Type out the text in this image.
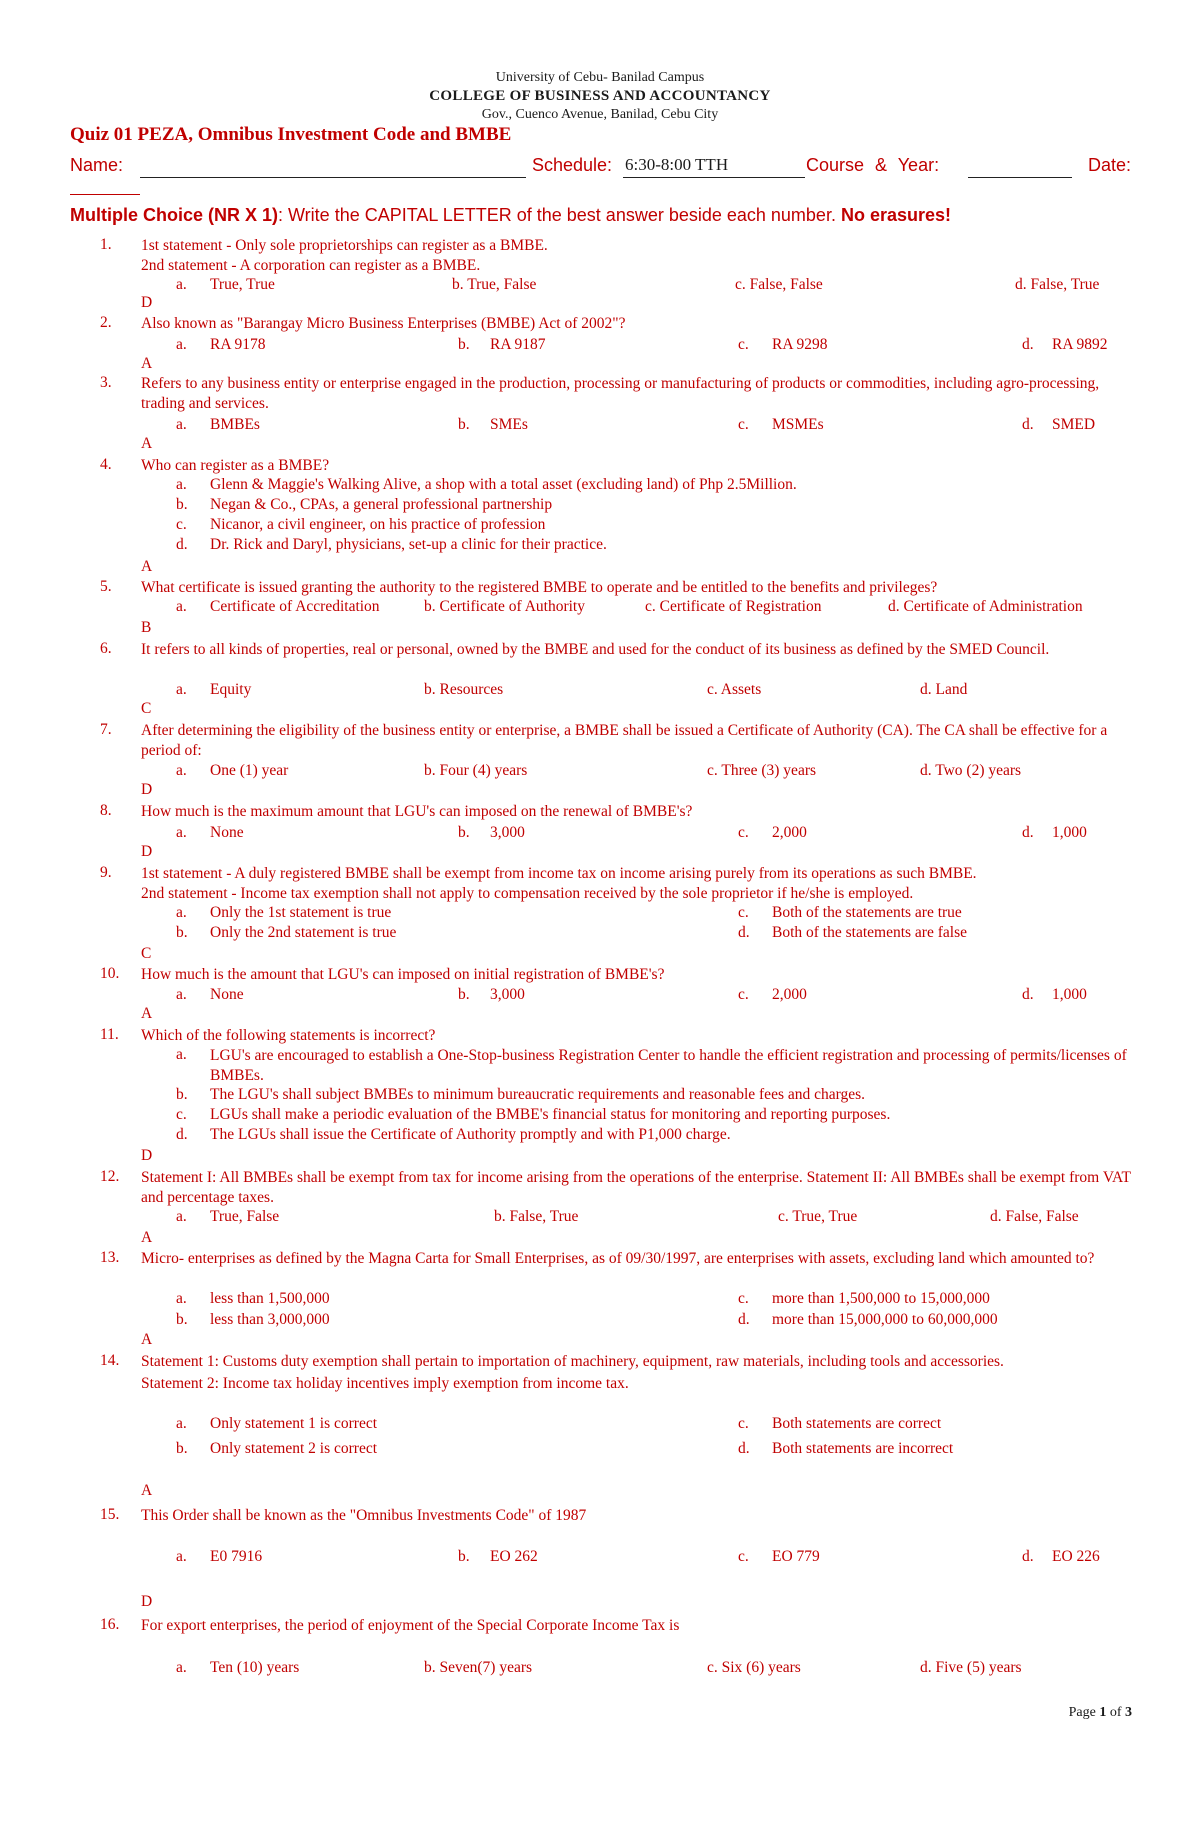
University of Cebu- Banilad Campus
COLLEGE OF BUSINESS AND ACCOUNTANCY
Gov., Cuenco Avenue, Banilad, Cebu City
Quiz 01 PEZA, Omnibus Investment Code and BMBE
Name:	Schedule: 6:30-8:00 TTH	Course & Year:	Date:
Multiple Choice (NR X 1): Write the CAPITAL LETTER of the best answer beside each number. No erasures!
1.	1st statement - Only sole proprietorships can register as a BMBE.
2nd statement - A corporation can register as a BMBE.
a. True, True	b. True, False	c. False, False	d. False, True
D
2.	Also known as "Barangay Micro Business Enterprises (BMBE) Act of 2002"?
a. RA 9178	b. RA 9187	c. RA 9298	d. RA 9892
A
3.	Refers to any business entity or enterprise engaged in the production, processing or manufacturing of products or commodities, including agro-processing, trading and services.
a. BMBEs	b. SMEs	c. MSMEs	d. SMED
A
4.	Who can register as a BMBE?
a. Glenn & Maggie's Walking Alive, a shop with a total asset (excluding land) of Php 2.5Million.
b. Negan & Co., CPAs, a general professional partnership
c. Nicanor, a civil engineer, on his practice of profession
d. Dr. Rick and Daryl, physicians, set-up a clinic for their practice.
A
5.	What certificate is issued granting the authority to the registered BMBE to operate and be entitled to the benefits and privileges?
a. Certificate of Accreditation	b. Certificate of Authority	c. Certificate of Registration	d. Certificate of Administration
B
6.	It refers to all kinds of properties, real or personal, owned by the BMBE and used for the conduct of its business as defined by the SMED Council.
a. Equity	b. Resources	c. Assets	d. Land
C
7.	After determining the eligibility of the business entity or enterprise, a BMBE shall be issued a Certificate of Authority (CA). The CA shall be effective for a period of:
a. One (1) year	b. Four (4) years	c. Three (3) years	d. Two (2) years
D
8.	How much is the maximum amount that LGU's can imposed on the renewal of BMBE's?
a. None	b. 3,000	c. 2,000	d. 1,000
D
9.	1st statement - A duly registered BMBE shall be exempt from income tax on income arising purely from its operations as such BMBE.
2nd statement - Income tax exemption shall not apply to compensation received by the sole proprietor if he/she is employed.
a. Only the 1st statement is true	c. Both of the statements are true
b. Only the 2nd statement is true	d. Both of the statements are false
C
10.	How much is the amount that LGU's can imposed on initial registration of BMBE's?
a. None	b. 3,000	c. 2,000	d. 1,000
A
11.	Which of the following statements is incorrect?
a. LGU's are encouraged to establish a One-Stop-business Registration Center to handle the efficient registration and processing of permits/licenses of BMBEs.
b. The LGU's shall subject BMBEs to minimum bureaucratic requirements and reasonable fees and charges.
c. LGUs shall make a periodic evaluation of the BMBE's financial status for monitoring and reporting purposes.
d. The LGUs shall issue the Certificate of Authority promptly and with P1,000 charge.
D
12.	Statement I: All BMBEs shall be exempt from tax for income arising from the operations of the enterprise. Statement II: All BMBEs shall be exempt from VAT and percentage taxes.
a. True, False	b. False, True	c. True, True	d. False, False
A
13.	Micro- enterprises as defined by the Magna Carta for Small Enterprises, as of 09/30/1997, are enterprises with assets, excluding land which amounted to?
a. less than 1,500,000	c. more than 1,500,000 to 15,000,000
b. less than 3,000,000	d. more than 15,000,000 to 60,000,000
A
14.	Statement 1: Customs duty exemption shall pertain to importation of machinery, equipment, raw materials, including tools and accessories.
Statement 2: Income tax holiday incentives imply exemption from income tax.
a. Only statement 1 is correct	c. Both statements are correct
b. Only statement 2 is correct	d. Both statements are incorrect
A
15.	This Order shall be known as the "Omnibus Investments Code" of 1987
a. E0 7916	b. EO 262	c. EO 779	d. EO 226
D
16.	For export enterprises, the period of enjoyment of the Special Corporate Income Tax is
a. Ten (10) years	b. Seven(7) years	c. Six (6) years	d. Five (5) years
Page 1 of 3
